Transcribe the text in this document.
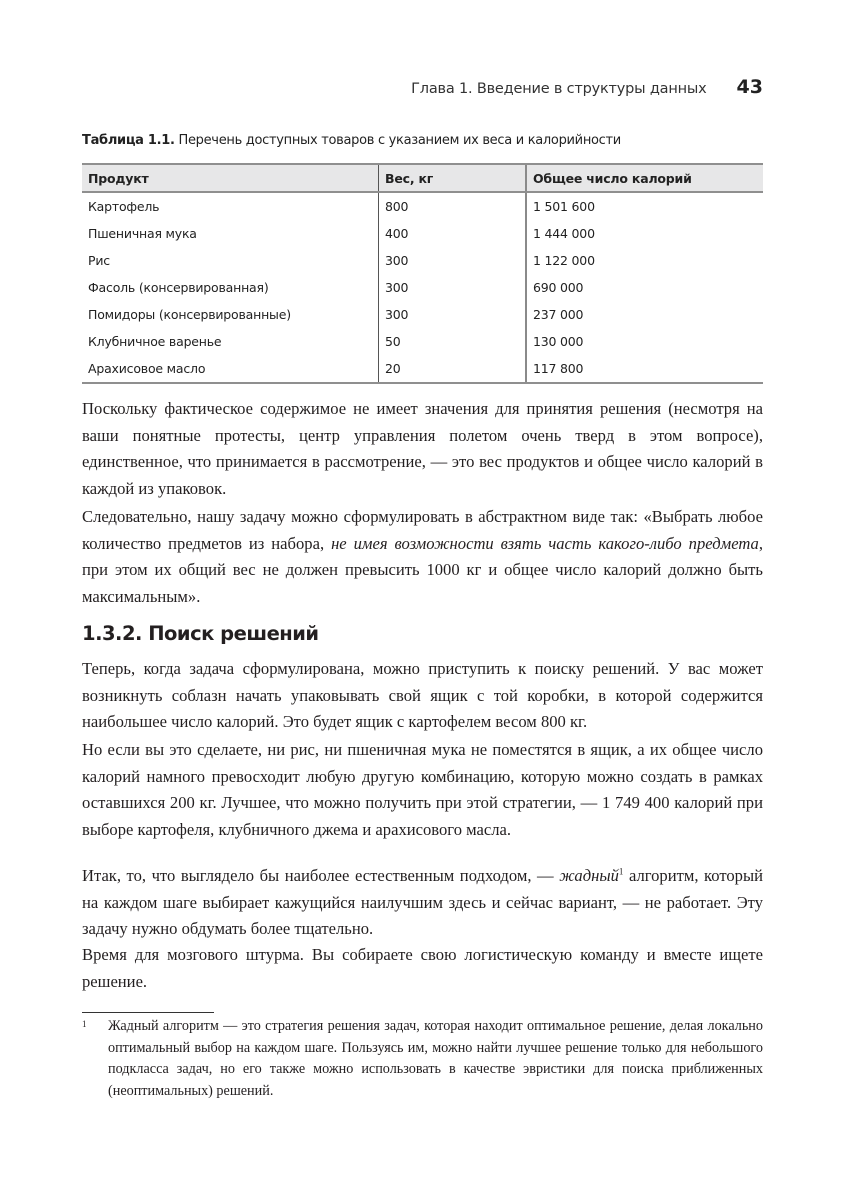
Глава 1. Введение в структуры данных 43
Таблица 1.1. Перечень доступных товаров с указанием их веса и калорийности
Продукт	Вес, кг	Общее число калорий
Картофель	800	1 501 600
Пшеничная мука	400	1 444 000
Рис	300	1 122 000
Фасоль (консервированная)	300	690 000
Помидоры (консервированные)	300	237 000
Клубничное варенье	50	130 000
Арахисовое масло	20	117 800

Поскольку фактическое содержимое не имеет значения для принятия решения (несмотря на ваши понятные протесты, центр управления полетом очень тверд в этом вопросе), единственное, что принимается в рассмотрение, — это вес продуктов и общее число калорий в каждой из упаковок.

Следовательно, нашу задачу можно сформулировать в абстрактном виде так: «Выбрать любое количество предметов из набора, не имея возможности взять часть какого-либо предмета, при этом их общий вес не должен превысить 1000 кг и общее число калорий должно быть максимальным».

1.3.2. Поиск решений

Теперь, когда задача сформулирована, можно приступить к поиску решений. У вас может возникнуть соблазн начать упаковывать свой ящик с той коробки, в которой содержится наибольшее число калорий. Это будет ящик с картофелем весом 800 кг.

Но если вы это сделаете, ни рис, ни пшеничная мука не поместятся в ящик, а их общее число калорий намного превосходит любую другую комбинацию, которую можно создать в рамках оставшихся 200 кг. Лучшее, что можно получить при этой стратегии, — 1 749 400 калорий при выборе картофеля, клубничного джема и арахисового масла.

Итак, то, что выглядело бы наиболее естественным подходом, — жадный$^1$ алгоритм, который на каждом шаге выбирает кажущийся наилучшим здесь и сейчас вариант, — не работает. Эту задачу нужно обдумать более тщательно.

Время для мозгового штурма. Вы собираете свою логистическую команду и вместе ищете решение.

1 Жадный алгоритм — это стратегия решения задач, которая находит оптимальное решение, делая локально оптимальный выбор на каждом шаге. Пользуясь им, можно найти лучшее решение только для небольшого подкласса задач, но его также можно использовать в качестве эвристики для поиска приближенных (неоптимальных) решений.
